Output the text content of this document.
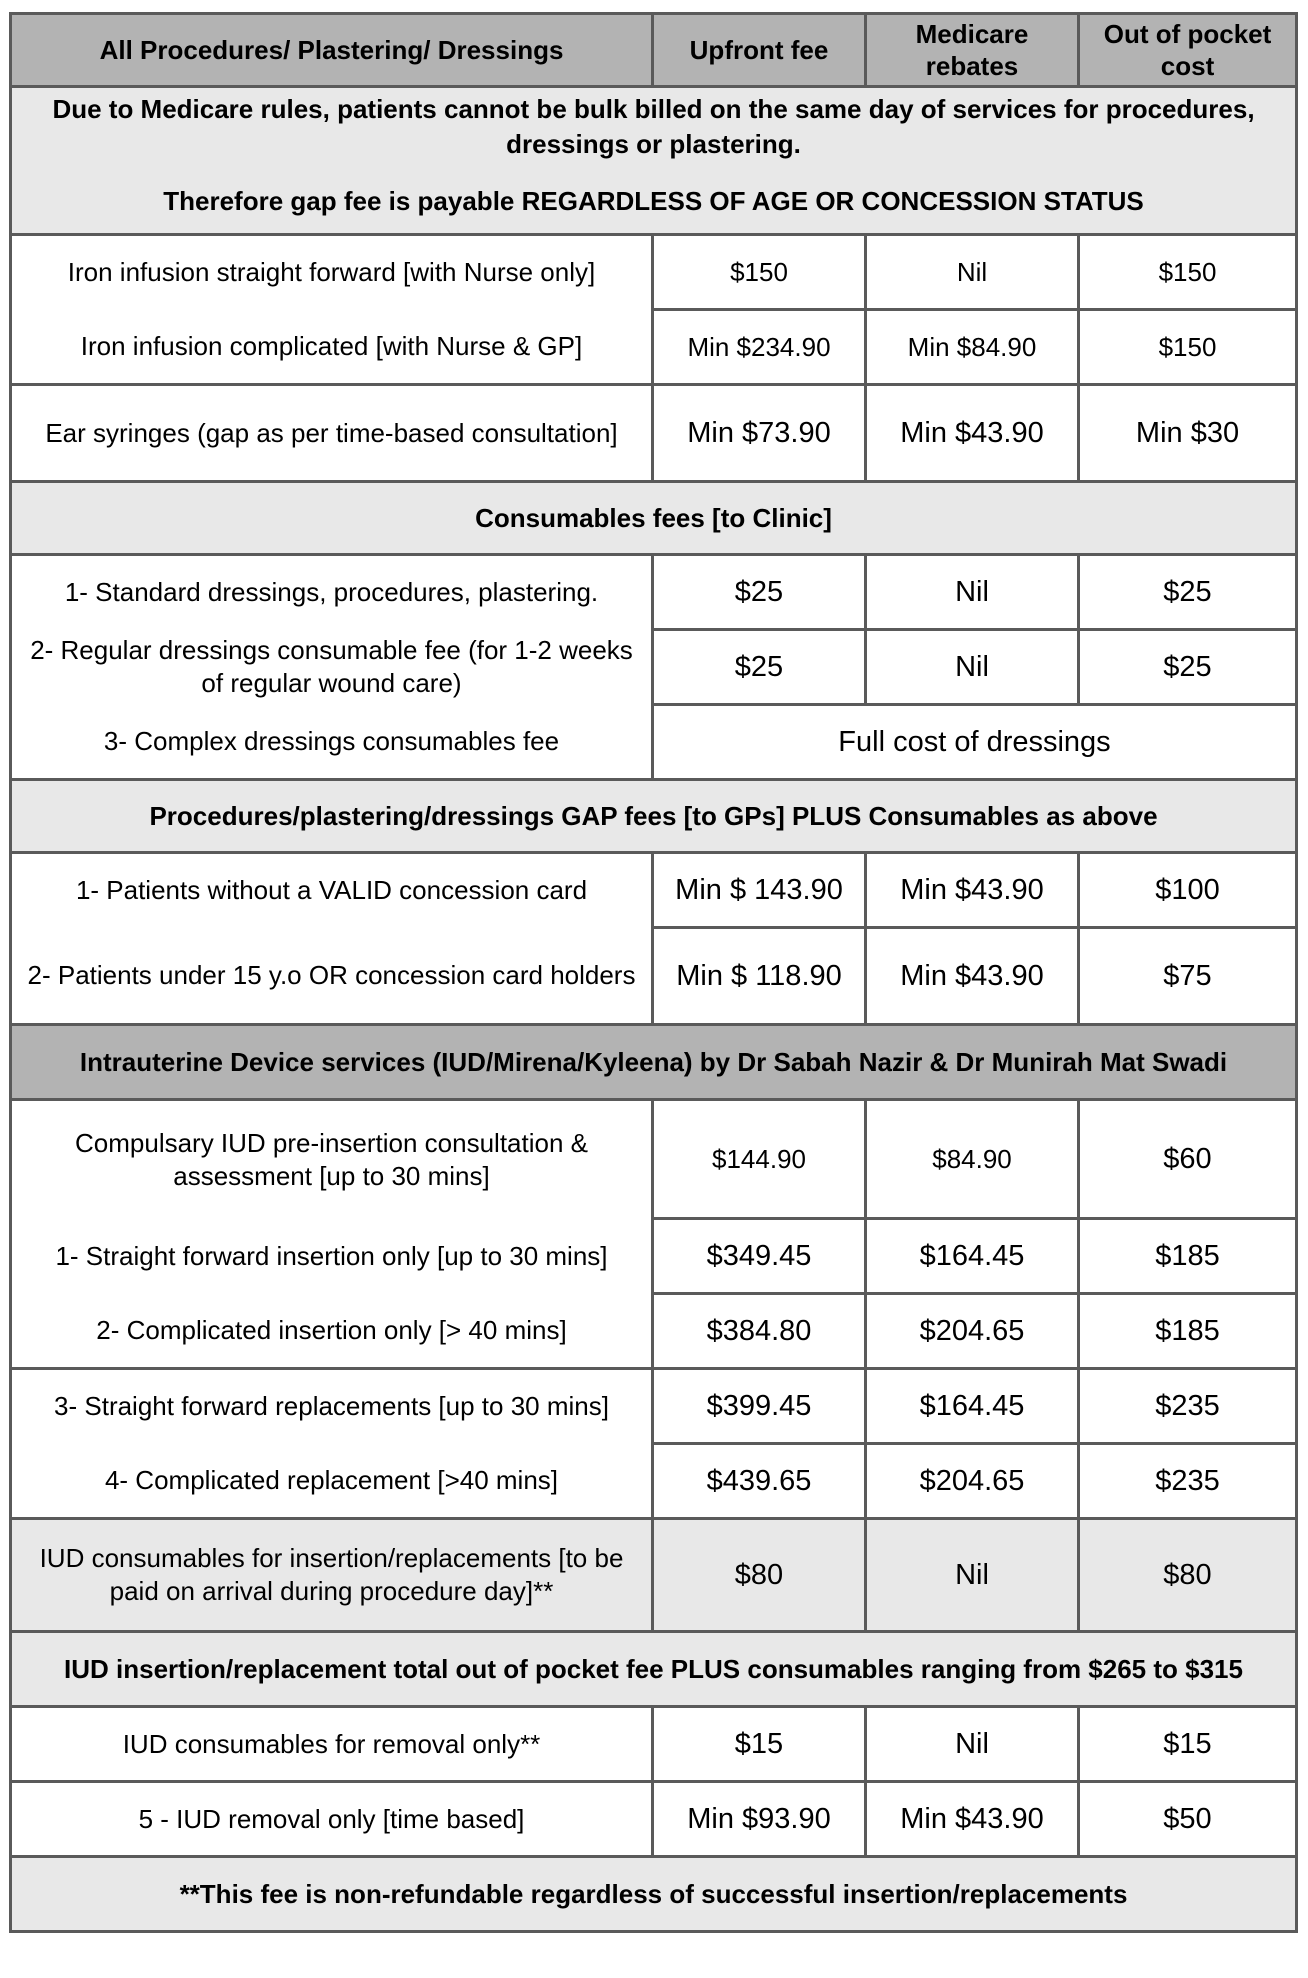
All Procedures/ Plastering/ Dressings	Upfront fee	Medicare rebates	Out of pocket cost
Due to Medicare rules, patients cannot be bulk billed on the same day of services for procedures, dressings or plastering.
Therefore gap fee is payable REGARDLESS OF AGE OR CONCESSION STATUS			

Iron infusion straight forward [with Nurse only]	$150	Nil	$150
Iron infusion complicated [with Nurse & GP]	Min $234.90	Min $84.90	$150
Ear syringes (gap as per time-based consultation]	Min $73.90	Min $43.90	Min $30
Consumables fees [to Clinic]			
1- Standard dressings, procedures, plastering.	$25	Nil	$25
2- Regular dressings consumable fee (for 1-2 weeks of regular wound care)	$25	Nil	$25
3- Complex dressings consumables fee	Full cost of dressings		
Procedures/plastering/dressings GAP fees [to GPs] PLUS Consumables as above			
1- Patients without a VALID concession card	Min $ 143.90	Min $43.90	$100
2- Patients under 15 y.o OR concession card holders	Min $ 118.90	Min $43.90	$75
Intrauterine Device services (IUD/Mirena/Kyleena) by Dr Sabah Nazir & Dr Munirah Mat Swadi			
Compulsary IUD pre-insertion consultation & assessment [up to 30 mins]	$144.90	$84.90	$60
1- Straight forward insertion only [up to 30 mins]	$349.45	$164.45	$185
2- Complicated insertion only [> 40 mins]	$384.80	$204.65	$185
3- Straight forward replacements [up to 30 mins]	$399.45	$164.45	$235
4- Complicated replacement [>40 mins]	$439.65	$204.65	$235
IUD consumables for insertion/replacements [to be paid on arrival during procedure day]**	$80	Nil	$80
IUD insertion/replacement total out of pocket fee PLUS consumables ranging from $265 to $315			
IUD consumables for removal only**	$15	Nil	$15
5 - IUD removal only [time based]	Min $93.90	Min $43.90	$50
**This fee is non-refundable regardless of successful insertion/replacements			
